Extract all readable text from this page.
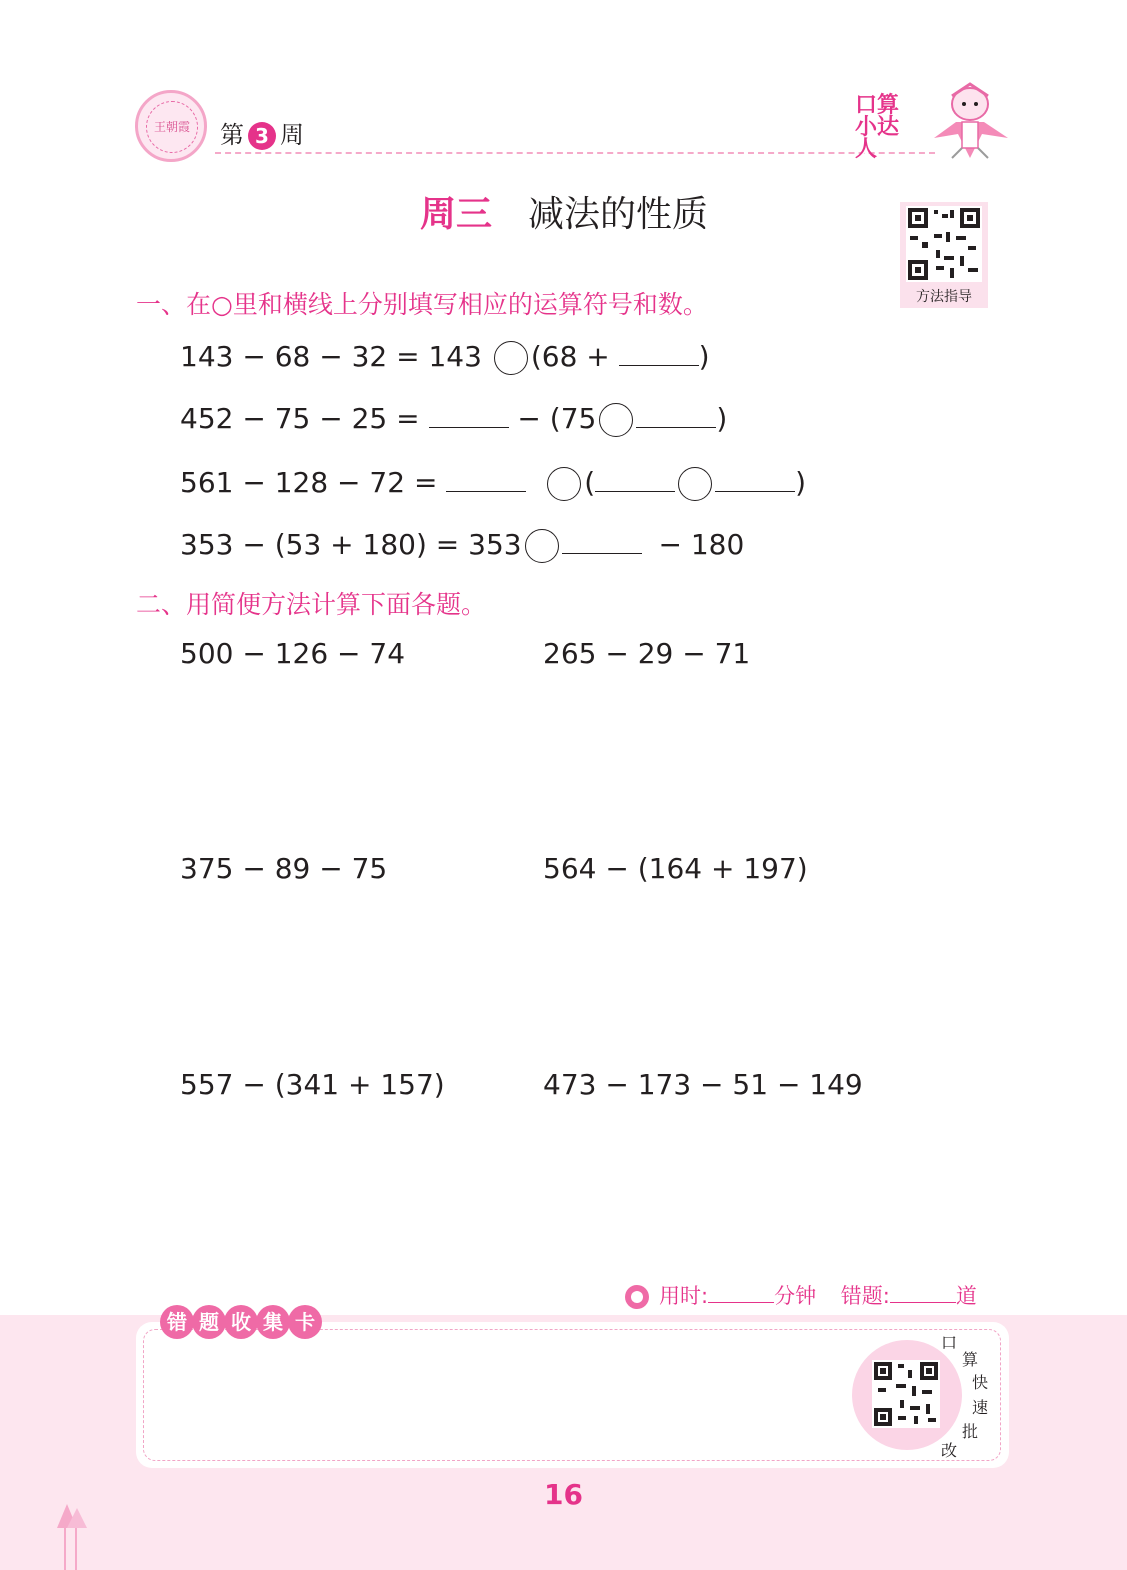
王朝霞	第 3 周
口算
小达人
周三 减法的性质
方法指导
一、在○里和横线上分别填写相应的运算符号和数。
143 − 68 − 32 = 143 (68 +	)
452 − 75 − 25 =	− (75	)
561 − 128 − 72 =	(	)
353 − (53 + 180) = 353	− 180
二、用简便方法计算下面各题。
500 − 126 − 74	265 − 29 − 71
375 − 89 − 75	564 − (164 + 197)
557 − (341 + 157)	473 − 173 − 51 − 149
用时:	分钟 错题:	道
错 题 收 集 卡
口
算
快
速
批
改
16
